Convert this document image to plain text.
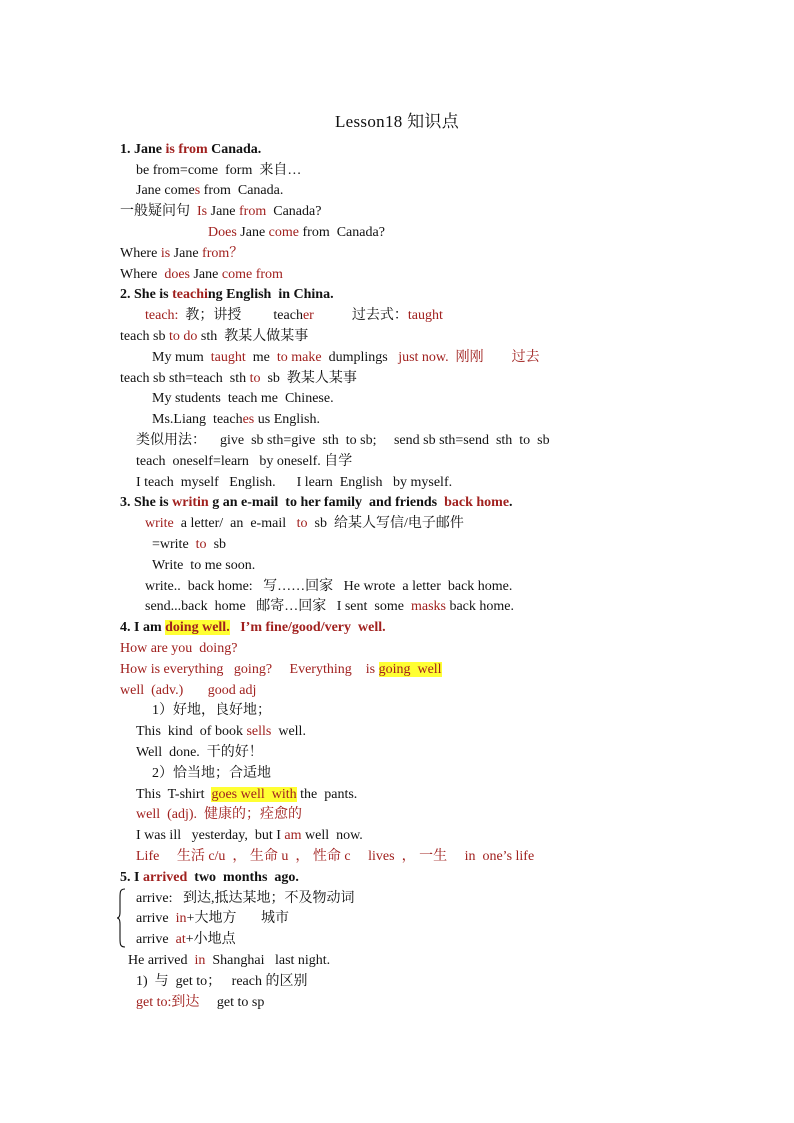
Lesson18 知识点
1. Jane is from Canada.
be from=come  form  来自…
Jane comes from  Canada.
一般疑问句  Is Jane from  Canada?
Does Jane come from  Canada?
Where is Jane from？
Where  does Jane come from
2. She is teaching English  in China.
teach:  教；讲授 teacher	过去式：taught
teach sb to do sth  教某人做某事
My mum  taught  me  to make  dumplings   just now.  刚刚 过去
teach sb sth=teach  sth to  sb  教某人某事
My students  teach me  Chinese.
Ms.Liang  teaches us English.
类似用法：    give  sb sth=give  sth  to sb;     send sb sth=send  sth  to  sb
teach  oneself=learn   by oneself. 自学
I teach  myself   English.      I learn  English   by myself.
3. She is writin g an e-mail  to her family  and friends  back home.
write  a letter/  an  e-mail   to  sb  给某人写信/电子邮件
=write  to  sb
Write  to me soon.
write..  back home:   写……回家   He wrote  a letter  back home.
send...back  home   邮寄…回家   I sent  some  masks back home.
4. I am doing well.   I’m fine/good/very  well.
How are you  doing?
How is everything   going?     Everything    is going  well
well  (adv.)       good adj
1）好地，良好地；
This  kind  of book sells  well.
Well  done.  干的好！
2）恰当地；合适地
This  T-shirt  goes well  with the  pants.
well  (adj).  健康的；痊愈的
I was ill   yesterday,  but I am well  now.
Life     生活 c/u  ， 生命 u  ， 性命 c     lives  ， 一生     in  one’s life
5. I arrived  two  months  ago.
arrive:   到达,抵达某地；不及物动词
arrive  in+大地方       城市
arrive  at+小地点
He arrived  in  Shanghai   last night.
1)  与  get to；   reach 的区别
get to:到达     get to sp
